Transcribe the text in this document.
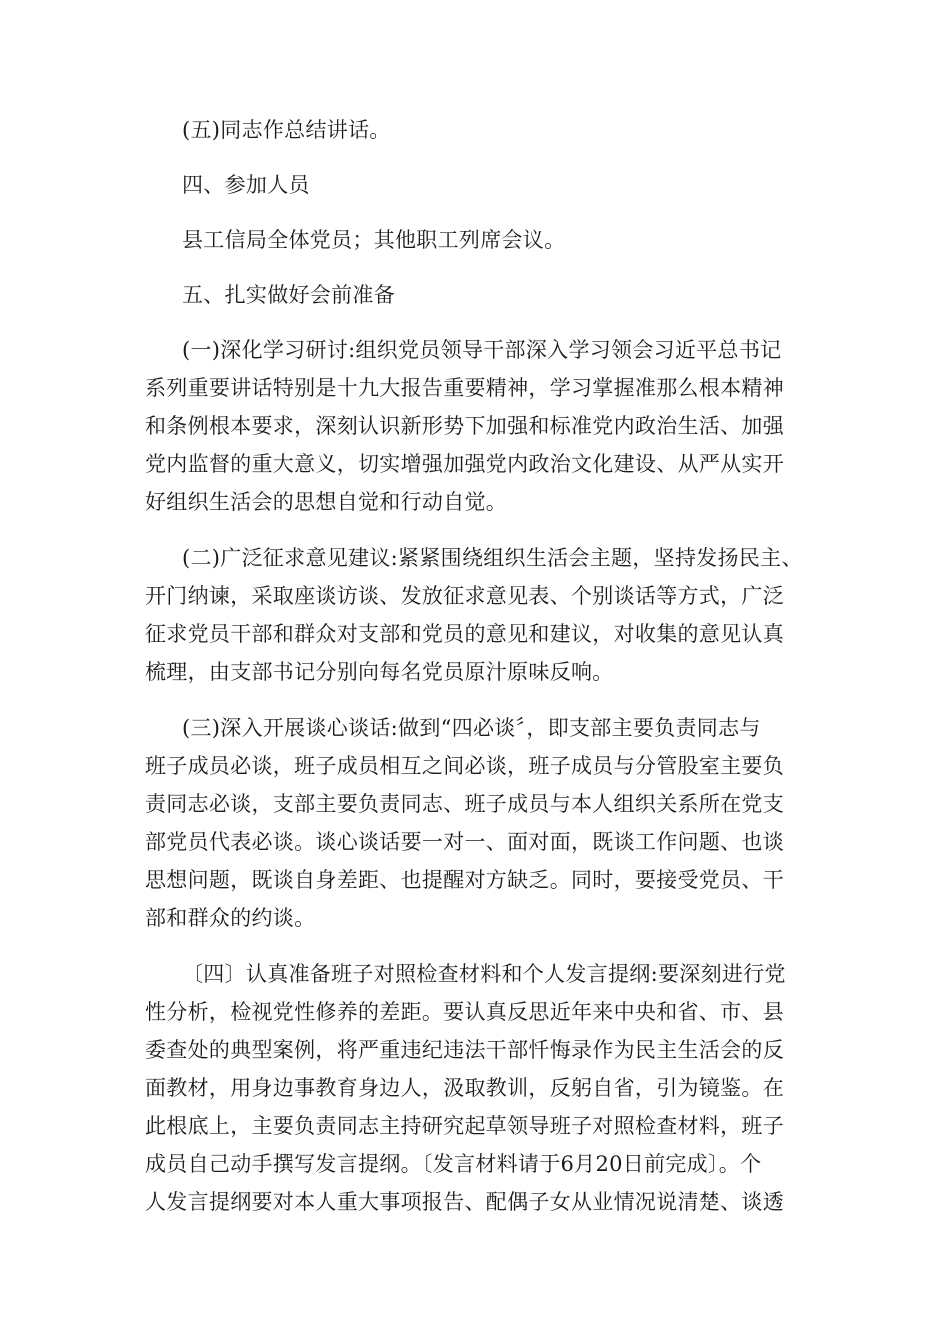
(五)同志作总结讲话。
四、参加人员
县工信局全体党员；其他职工列席会议。
五、扎实做好会前准备
(一)深化学习研讨:组织党员领导干部深入学习领会习近平总书记
系列重要讲话特别是十九大报告重要精神，学习掌握准那么根本精神
和条例根本要求，深刻认识新形势下加强和标准党内政治生活、加强
党内监督的重大意义，切实增强加强党内政治文化建设、从严从实开
好组织生活会的思想自觉和行动自觉。
(二)广泛征求意见建议:紧紧围绕组织生活会主题，坚持发扬民主、
开门纳谏，采取座谈访谈、发放征求意见表、个别谈话等方式，广泛
征求党员干部和群众对支部和党员的意见和建议，对收集的意见认真
梳理，由支部书记分别向每名党员原汁原味反响。
(三)深入开展谈心谈话:做到“四必谈〞，即支部主要负责同志与
班子成员必谈，班子成员相互之间必谈，班子成员与分管股室主要负
责同志必谈，支部主要负责同志、班子成员与本人组织关系所在党支
部党员代表必谈。谈心谈话要一对一、面对面，既谈工作问题、也谈
思想问题，既谈自身差距、也提醒对方缺乏。同时，要接受党员、干
部和群众的约谈。
〔四〕认真准备班子对照检查材料和个人发言提纲:要深刻进行党
性分析，检视党性修养的差距。要认真反思近年来中央和省、市、县
委查处的典型案例，将严重违纪违法干部忏悔录作为民主生活会的反
面教材，用身边事教育身边人，汲取教训，反躬自省，引为镜鉴。在
此根底上，主要负责同志主持研究起草领导班子对照检查材料，班子
成员自己动手撰写发言提纲。〔发言材料请于6月20日前完成〕。个
人发言提纲要对本人重大事项报告、配偶子女从业情况说清楚、谈透
